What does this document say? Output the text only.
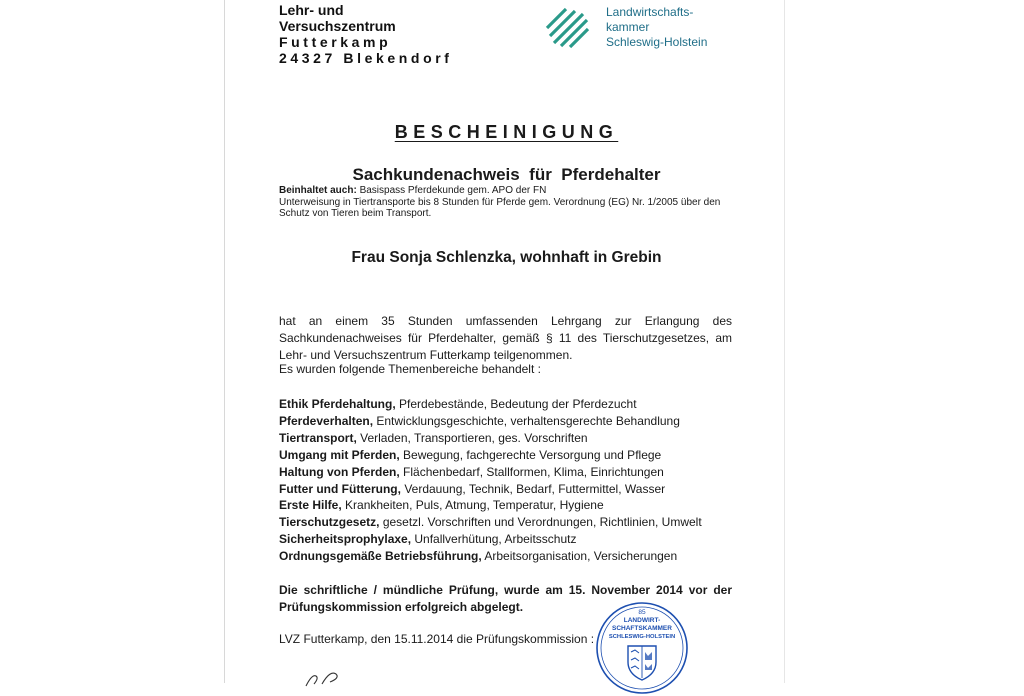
Lehr- und
Versuchszentrum
Futterkamp
24327 Blekendorf
Landwirtschafts-
kammer
Schleswig-Holstein
BESCHEINIGUNG
Sachkundenachweis  für  Pferdehalter
Beinhaltet auch: Basispass Pferdekunde gem. APO der FN
Unterweisung in Tiertransporte bis 8 Stunden für Pferde gem. Verordnung (EG) Nr. 1/2005 über den Schutz von Tieren beim Transport.
Frau Sonja Schlenzka, wohnhaft in Grebin
hat an einem 35 Stunden umfassenden Lehrgang zur Erlangung des Sachkundenachweises für Pferdehalter, gemäß § 11 des Tierschutzgesetzes, am Lehr- und Versuchszentrum Futterkamp teilgenommen.
Es wurden folgende Themenbereiche behandelt :
Ethik Pferdehaltung, Pferdebestände, Bedeutung der Pferdezucht
Pferdeverhalten, Entwicklungsgeschichte, verhaltensgerechte Behandlung
Tiertransport, Verladen, Transportieren, ges. Vorschriften
Umgang mit Pferden, Bewegung, fachgerechte Versorgung und Pflege
Haltung von Pferden, Flächenbedarf, Stallformen, Klima, Einrichtungen
Futter und Fütterung, Verdauung, Technik, Bedarf, Futtermittel, Wasser
Erste Hilfe, Krankheiten, Puls, Atmung, Temperatur, Hygiene
Tierschutzgesetz, gesetzl. Vorschriften und Verordnungen, Richtlinien, Umwelt
Sicherheitsprophylaxe, Unfallverhütung, Arbeitsschutz
Ordnungsgemäße Betriebsführung, Arbeitsorganisation, Versicherungen
Die schriftliche / mündliche Prüfung, wurde am 15. November 2014 vor der Prüfungskommission erfolgreich abgelegt.
LVZ Futterkamp, den 15.11.2014 die Prüfungskommission :
85
LANDWIRT-
SCHAFTSKAMMER
SCHLESWIG-HOLSTEIN
